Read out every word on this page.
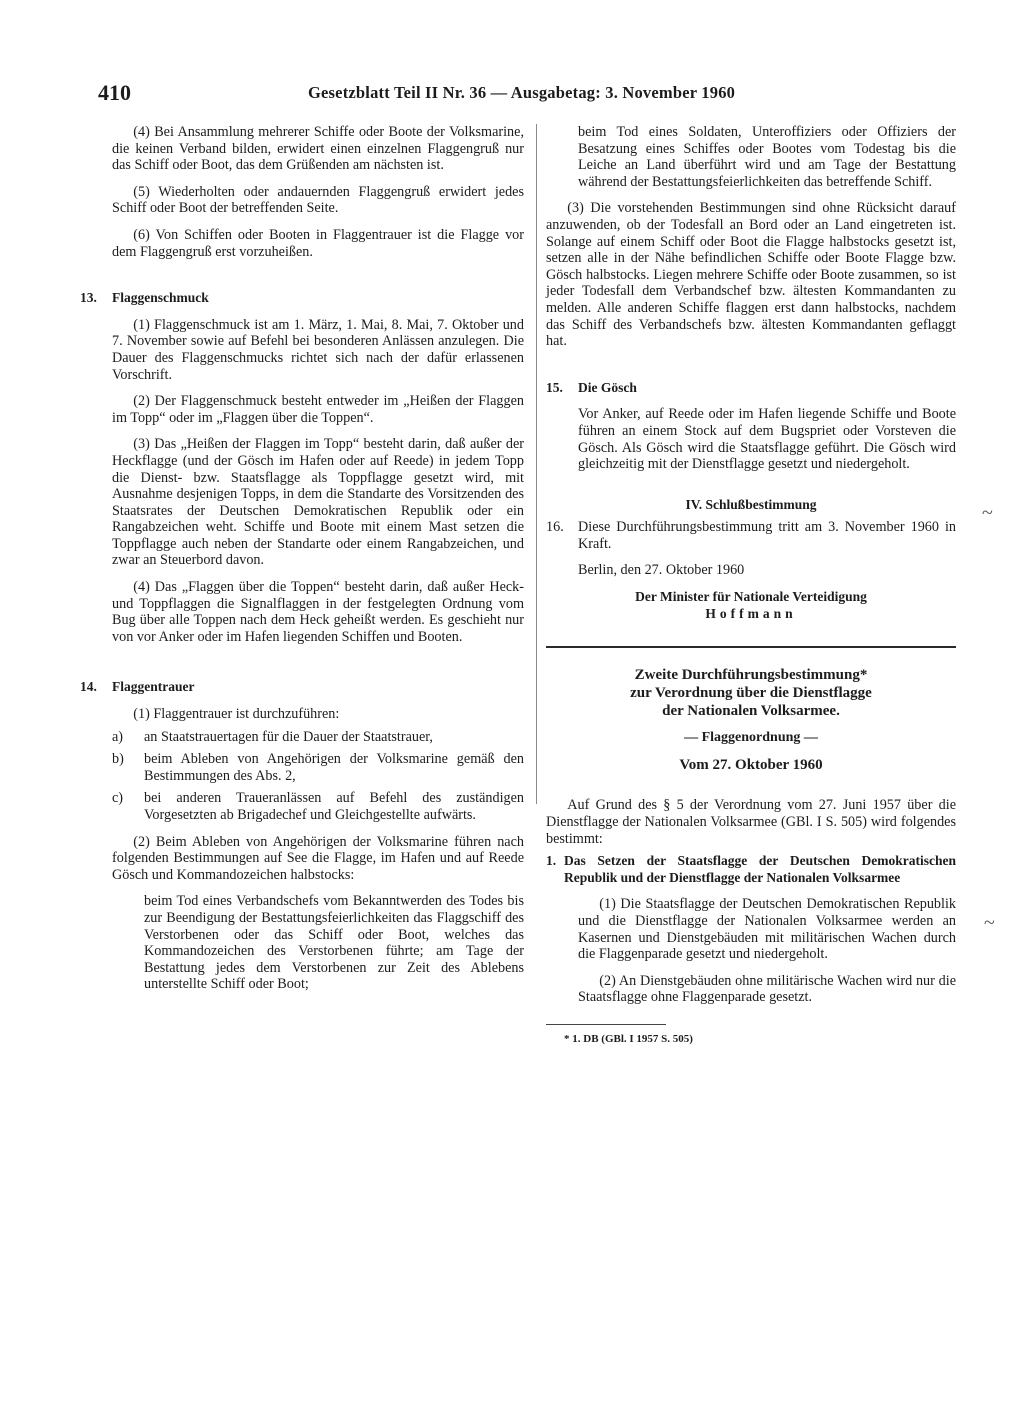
410	Gesetzblatt Teil II Nr. 36 — Ausgabetag: 3. November 1960

(4) Bei Ansammlung mehrerer Schiffe oder Boote der Volksmarine, die keinen Verband bilden, erwidert einen einzelnen Flaggengruß nur das Schiff oder Boot, das dem Grüßenden am nächsten ist.

(5) Wiederholten oder andauernden Flaggengruß erwidert jedes Schiff oder Boot der betreffenden Seite.

(6) Von Schiffen oder Booten in Flaggentrauer ist die Flagge vor dem Flaggengruß erst vorzuheißen.

13.	Flaggenschmuck

(1) Flaggenschmuck ist am 1. März, 1. Mai, 8. Mai, 7. Oktober und 7. November sowie auf Befehl bei besonderen Anlässen anzulegen. Die Dauer des Flaggenschmucks richtet sich nach der dafür erlassenen Vorschrift.

(2) Der Flaggenschmuck besteht entweder im „Heißen der Flaggen im Topp“ oder im „Flaggen über die Toppen“.

(3) Das „Heißen der Flaggen im Topp“ besteht darin, daß außer der Heckflagge (und der Gösch im Hafen oder auf Reede) in jedem Topp die Dienst- bzw. Staatsflagge als Toppflagge gesetzt wird, mit Ausnahme desjenigen Topps, in dem die Standarte des Vorsitzenden des Staatsrates der Deutschen Demokratischen Republik oder ein Rangabzeichen weht. Schiffe und Boote mit einem Mast setzen die Toppflagge auch neben der Standarte oder einem Rangabzeichen, und zwar an Steuerbord davon.

(4) Das „Flaggen über die Toppen“ besteht darin, daß außer Heck- und Toppflaggen die Signalflaggen in der festgelegten Ordnung vom Bug über alle Toppen nach dem Heck geheißt werden. Es geschieht nur von vor Anker oder im Hafen liegenden Schiffen und Booten.

14.	Flaggentrauer

(1) Flaggentrauer ist durchzuführen:

a)	an Staatstrauertagen für die Dauer der Staatstrauer,
b)	beim Ableben von Angehörigen der Volksmarine gemäß den Bestimmungen des Abs. 2,
c)	bei anderen Traueranlässen auf Befehl des zuständigen Vorgesetzten ab Brigadechef und Gleichgestellte aufwärts.

(2) Beim Ableben von Angehörigen der Volksmarine führen nach folgenden Bestimmungen auf See die Flagge, im Hafen und auf Reede Gösch und Kommandozeichen halbstocks:

beim Tod eines Verbandschefs vom Bekanntwerden des Todes bis zur Beendigung der Bestattungsfeierlichkeiten das Flaggschiff des Verstorbenen oder das Schiff oder Boot, welches das Kommandozeichen des Verstorbenen führte; am Tage der Bestattung jedes dem Verstorbenen zur Zeit des Ablebens unterstellte Schiff oder Boot;

beim Tod eines Soldaten, Unteroffiziers oder Offiziers der Besatzung eines Schiffes oder Bootes vom Todestag bis die Leiche an Land überführt wird und am Tage der Bestattung während der Bestattungsfeierlichkeiten das betreffende Schiff.

(3) Die vorstehenden Bestimmungen sind ohne Rücksicht darauf anzuwenden, ob der Todesfall an Bord oder an Land eingetreten ist. Solange auf einem Schiff oder Boot die Flagge halbstocks gesetzt ist, setzen alle in der Nähe befindlichen Schiffe oder Boote Flagge bzw. Gösch halbstocks. Liegen mehrere Schiffe oder Boote zusammen, so ist jeder Todesfall dem Verbandschef bzw. ältesten Kommandanten zu melden. Alle anderen Schiffe flaggen erst dann halbstocks, nachdem das Schiff des Verbandschefs bzw. ältesten Kommandanten geflaggt hat.

15.	Die Gösch

Vor Anker, auf Reede oder im Hafen liegende Schiffe und Boote führen an einem Stock auf dem Bugspriet oder Vorsteven die Gösch. Als Gösch wird die Staatsflagge geführt. Die Gösch wird gleichzeitig mit der Dienstflagge gesetzt und niedergeholt.

IV. Schlußbestimmung

16.	Diese Durchführungsbestimmung tritt am 3. November 1960 in Kraft.

Berlin, den 27. Oktober 1960

Der Minister für Nationale Verteidigung

Hoffmann

Zweite Durchführungsbestimmung*

zur Verordnung über die Dienstflagge

der Nationalen Volksarmee.

— Flaggenordnung —

Vom 27. Oktober 1960

Auf Grund des § 5 der Verordnung vom 27. Juni 1957 über die Dienstflagge der Nationalen Volksarmee (GBl. I S. 505) wird folgendes bestimmt:

1. Das Setzen der Staatsflagge der Deutschen Demokratischen Republik und der Dienstflagge der Nationalen Volksarmee

(1) Die Staatsflagge der Deutschen Demokratischen Republik und die Dienstflagge der Nationalen Volksarmee werden an Kasernen und Dienstgebäuden mit militärischen Wachen durch die Flaggenparade gesetzt und niedergeholt.

(2) An Dienstgebäuden ohne militärische Wachen wird nur die Staatsflagge ohne Flaggenparade gesetzt.

* 1. DB (GBl. I 1957 S. 505)

~
~
